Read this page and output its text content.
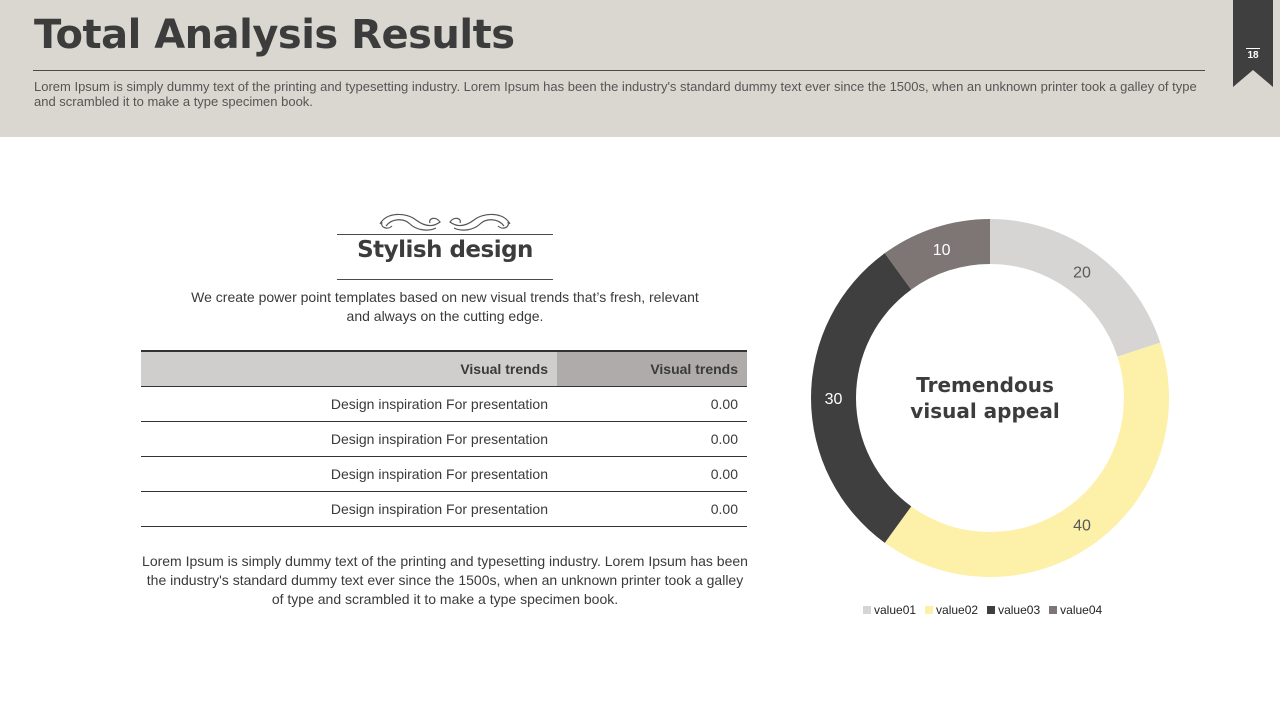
Total Analysis Results
Lorem Ipsum is simply dummy text of the printing and typesetting industry. Lorem Ipsum has been the industry's standard dummy text ever since the 1500s, when an unknown printer took a galley of type and scrambled it to make a type specimen book.
18
Stylish design
We create power point templates based on new visual trends that’s fresh, relevant and always on the cutting edge.
Visual trends	Visual trends
Design inspiration For presentation	0.00
Design inspiration For presentation	0.00
Design inspiration For presentation	0.00
Design inspiration For presentation	0.00
Lorem Ipsum is simply dummy text of the printing and typesetting industry. Lorem Ipsum has been the industry's standard dummy text ever since the 1500s, when an unknown printer took a galley of type and scrambled it to make a type specimen book.
20
40
30
10
Tremendous
visual appeal
value01 value02 value03 value04
